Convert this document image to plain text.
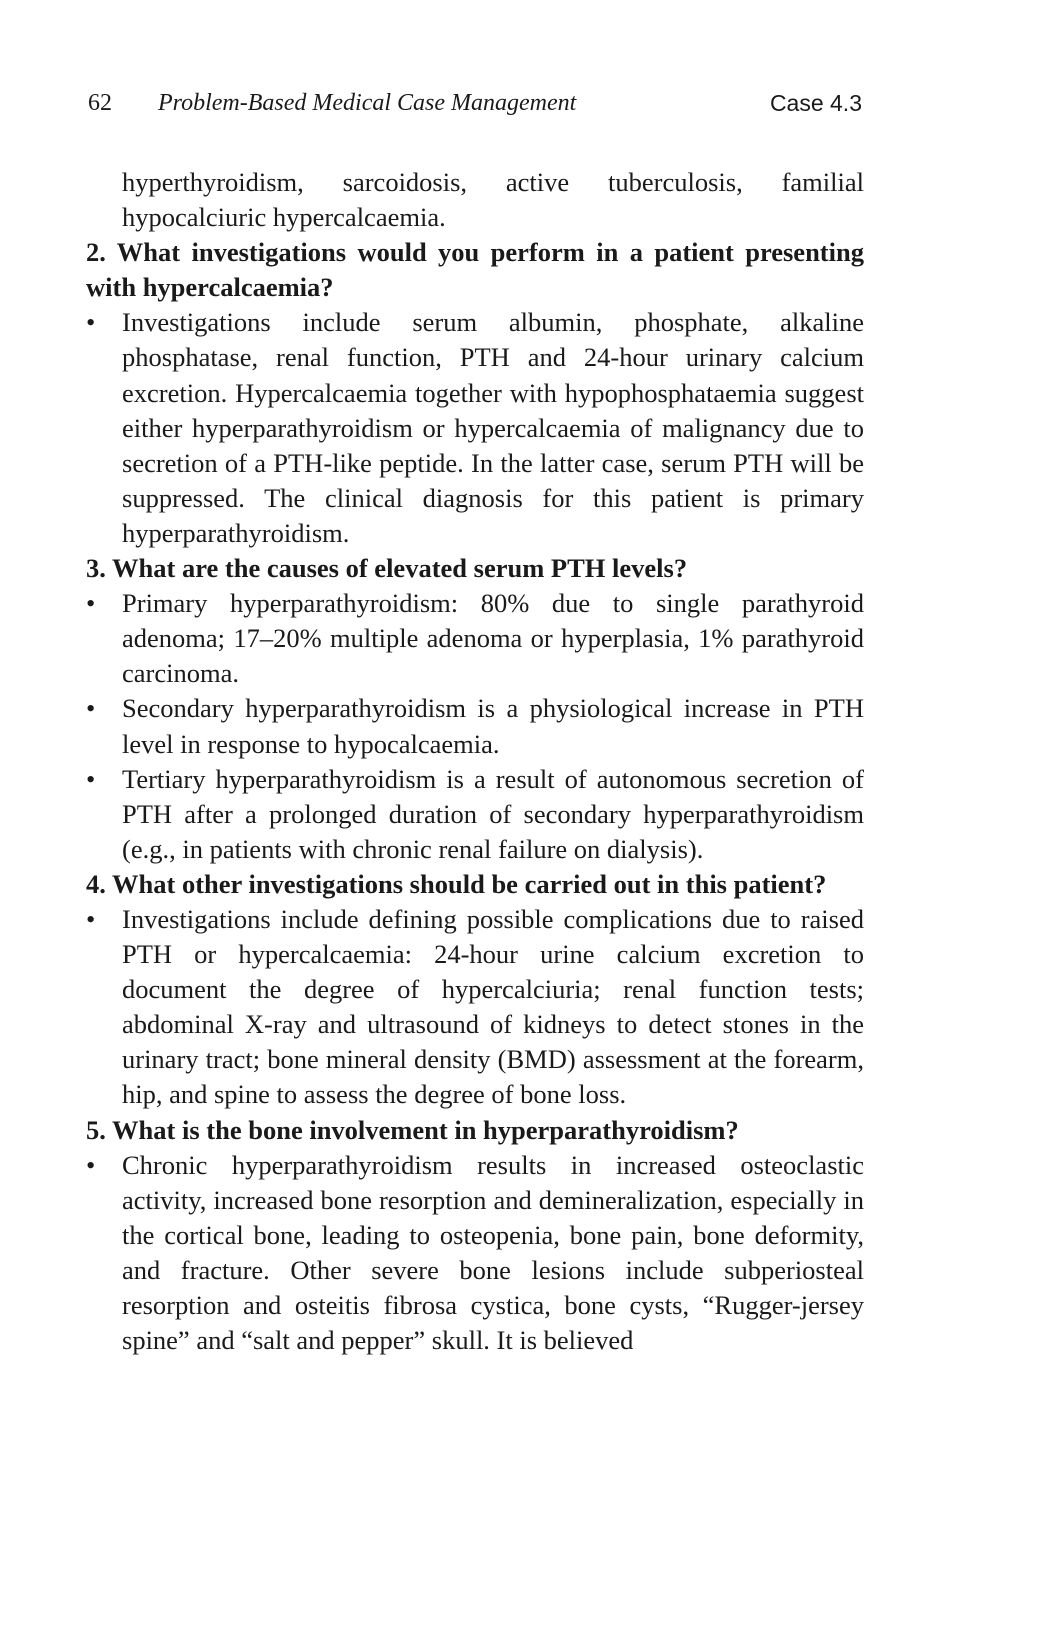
62 Problem-Based Medical Case Management	Case 4.3

hyperthyroidism, sarcoidosis, active tuberculosis, familial hypocalciuric hypercalcaemia.

2. What investigations would you perform in a patient presenting with hypercalcaemia?

•	Investigations include serum albumin, phosphate, alkaline phosphatase, renal function, PTH and 24-hour urinary calcium excretion. Hypercalcaemia together with hypophosphataemia suggest either hyperparathyroidism or hypercalcaemia of malignancy due to secretion of a PTH-like peptide. In the latter case, serum PTH will be suppressed. The clinical diagnosis for this patient is primary hyperparathyroidism.

3. What are the causes of elevated serum PTH levels?

•	Primary hyperparathyroidism: 80% due to single parathyroid adenoma; 17–20% multiple adenoma or hyperplasia, 1% parathyroid carcinoma.

•	Secondary hyperparathyroidism is a physiological increase in PTH level in response to hypocalcaemia.

•	Tertiary hyperparathyroidism is a result of autonomous secretion of PTH after a prolonged duration of secondary hyperparathyroidism (e.g., in patients with chronic renal failure on dialysis).

4. What other investigations should be carried out in this patient?

•	Investigations include defining possible complications due to raised PTH or hypercalcaemia: 24-hour urine calcium excretion to document the degree of hypercalciuria; renal function tests; abdominal X-ray and ultrasound of kidneys to detect stones in the urinary tract; bone mineral density (BMD) assessment at the forearm, hip, and spine to assess the degree of bone loss.

5. What is the bone involvement in hyperparathyroidism?

•	Chronic hyperparathyroidism results in increased osteoclastic activity, increased bone resorption and demineralization, especially in the cortical bone, leading to osteopenia, bone pain, bone deformity, and fracture. Other severe bone lesions include subperiosteal resorption and osteitis fibrosa cystica, bone cysts, “Rugger-jersey spine” and “salt and pepper” skull. It is believed
